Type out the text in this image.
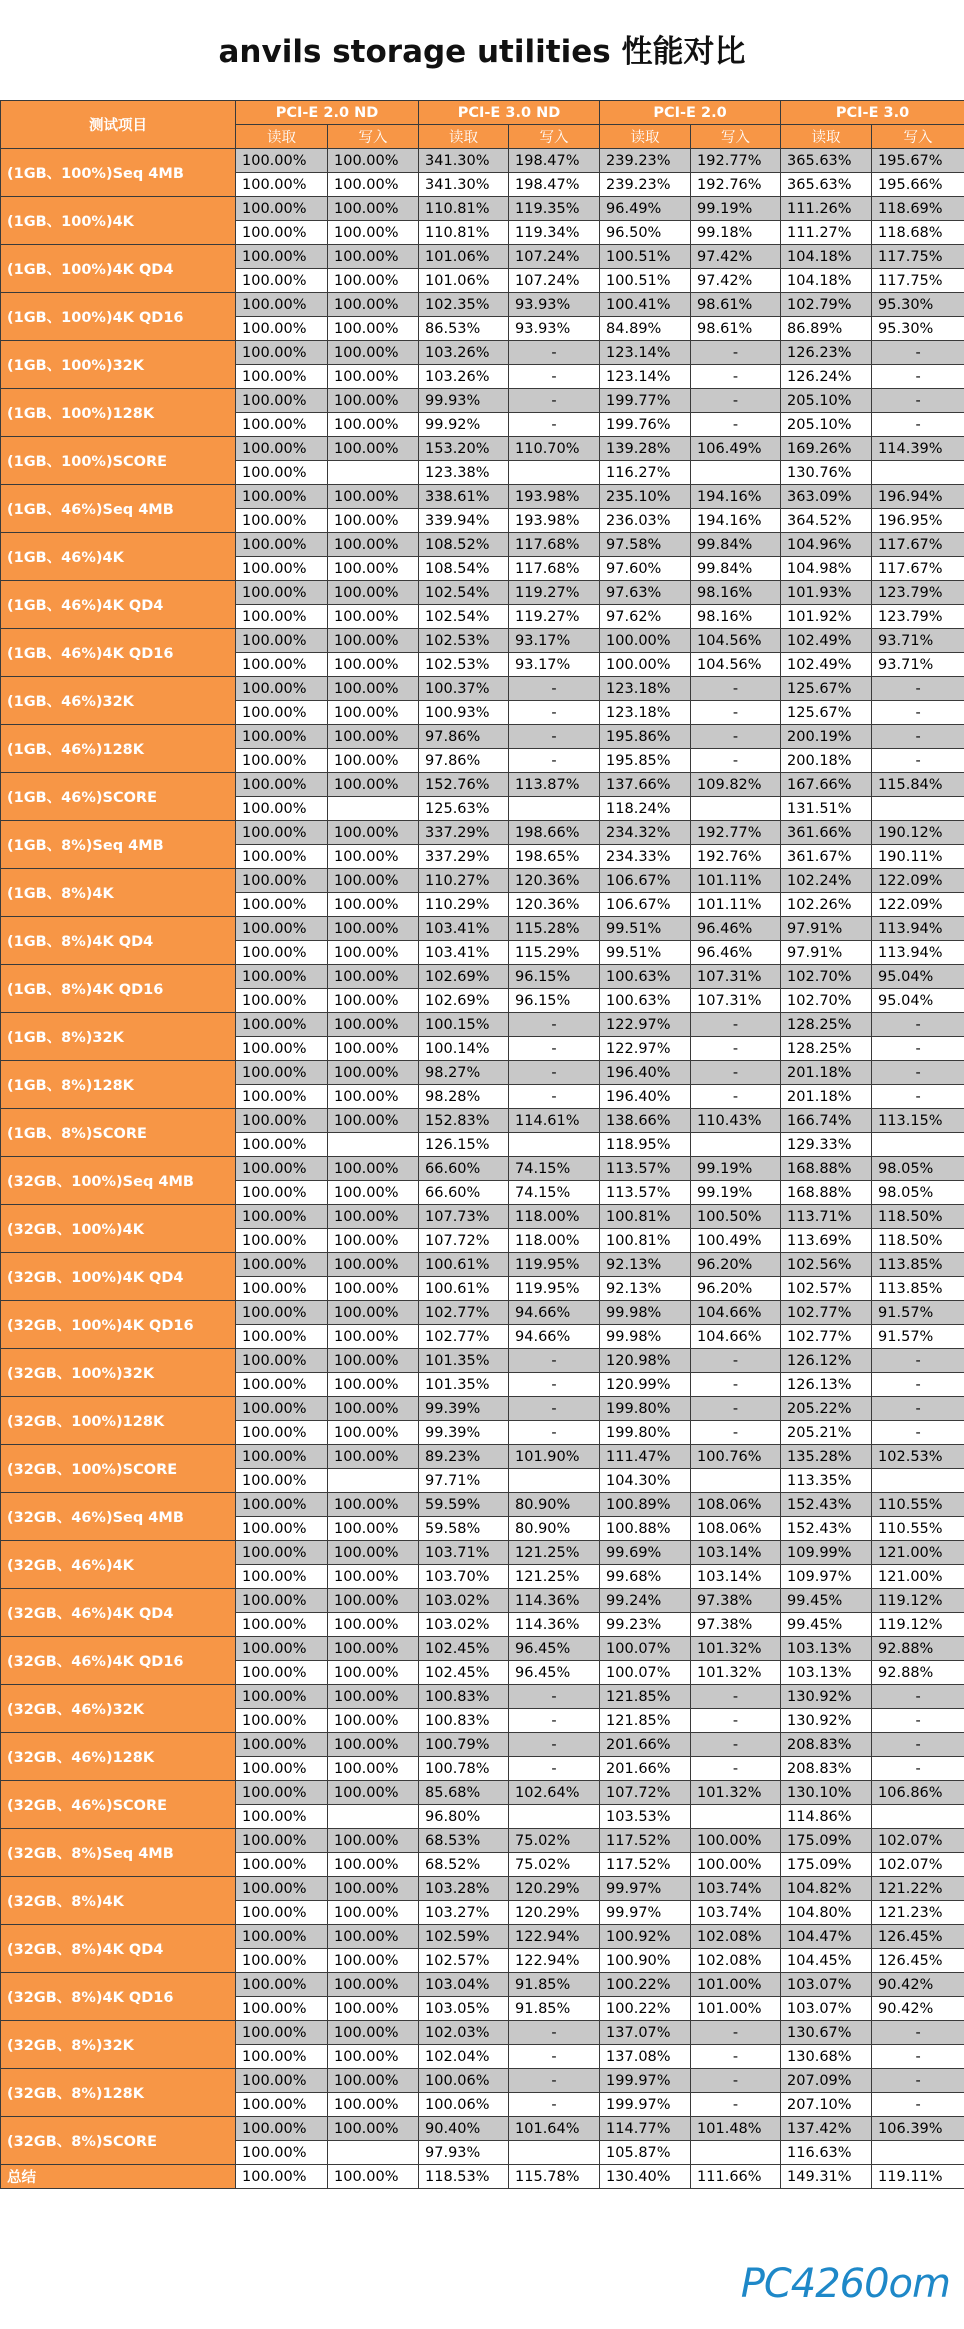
anvils storage utilities 性能对比
测试项目	PCI-E 2.0 ND		PCI-E 3.0 ND		PCI-E 2.0		PCI-E 3.0	
	读取	写入	读取	写入	读取	写入	读取	写入
(1GB、100%)Seq 4MB	100.00%	100.00%	341.30%	198.47%	239.23%	192.77%	365.63%	195.67%
	100.00%	100.00%	341.30%	198.47%	239.23%	192.76%	365.63%	195.66%
(1GB、100%)4K	100.00%	100.00%	110.81%	119.35%	96.49%	99.19%	111.26%	118.69%
	100.00%	100.00%	110.81%	119.34%	96.50%	99.18%	111.27%	118.68%
(1GB、100%)4K QD4	100.00%	100.00%	101.06%	107.24%	100.51%	97.42%	104.18%	117.75%
	100.00%	100.00%	101.06%	107.24%	100.51%	97.42%	104.18%	117.75%
(1GB、100%)4K QD16	100.00%	100.00%	102.35%	93.93%	100.41%	98.61%	102.79%	95.30%
	100.00%	100.00%	86.53%	93.93%	84.89%	98.61%	86.89%	95.30%
(1GB、100%)32K	100.00%	100.00%	103.26%	-	123.14%	-	126.23%	-
	100.00%	100.00%	103.26%	-	123.14%	-	126.24%	-
(1GB、100%)128K	100.00%	100.00%	99.93%	-	199.77%	-	205.10%	-
	100.00%	100.00%	99.92%	-	199.76%	-	205.10%	-
(1GB、100%)SCORE	100.00%	100.00%	153.20%	110.70%	139.28%	106.49%	169.26%	114.39%
	100.00%		123.38%		116.27%		130.76%	
(1GB、46%)Seq 4MB	100.00%	100.00%	338.61%	193.98%	235.10%	194.16%	363.09%	196.94%
	100.00%	100.00%	339.94%	193.98%	236.03%	194.16%	364.52%	196.95%
(1GB、46%)4K	100.00%	100.00%	108.52%	117.68%	97.58%	99.84%	104.96%	117.67%
	100.00%	100.00%	108.54%	117.68%	97.60%	99.84%	104.98%	117.67%
(1GB、46%)4K QD4	100.00%	100.00%	102.54%	119.27%	97.63%	98.16%	101.93%	123.79%
	100.00%	100.00%	102.54%	119.27%	97.62%	98.16%	101.92%	123.79%
(1GB、46%)4K QD16	100.00%	100.00%	102.53%	93.17%	100.00%	104.56%	102.49%	93.71%
	100.00%	100.00%	102.53%	93.17%	100.00%	104.56%	102.49%	93.71%
(1GB、46%)32K	100.00%	100.00%	100.37%	-	123.18%	-	125.67%	-
	100.00%	100.00%	100.93%	-	123.18%	-	125.67%	-
(1GB、46%)128K	100.00%	100.00%	97.86%	-	195.86%	-	200.19%	-
	100.00%	100.00%	97.86%	-	195.85%	-	200.18%	-
(1GB、46%)SCORE	100.00%	100.00%	152.76%	113.87%	137.66%	109.82%	167.66%	115.84%
	100.00%		125.63%		118.24%		131.51%	
(1GB、8%)Seq 4MB	100.00%	100.00%	337.29%	198.66%	234.32%	192.77%	361.66%	190.12%
	100.00%	100.00%	337.29%	198.65%	234.33%	192.76%	361.67%	190.11%
(1GB、8%)4K	100.00%	100.00%	110.27%	120.36%	106.67%	101.11%	102.24%	122.09%
	100.00%	100.00%	110.29%	120.36%	106.67%	101.11%	102.26%	122.09%
(1GB、8%)4K QD4	100.00%	100.00%	103.41%	115.28%	99.51%	96.46%	97.91%	113.94%
	100.00%	100.00%	103.41%	115.29%	99.51%	96.46%	97.91%	113.94%
(1GB、8%)4K QD16	100.00%	100.00%	102.69%	96.15%	100.63%	107.31%	102.70%	95.04%
	100.00%	100.00%	102.69%	96.15%	100.63%	107.31%	102.70%	95.04%
(1GB、8%)32K	100.00%	100.00%	100.15%	-	122.97%	-	128.25%	-
	100.00%	100.00%	100.14%	-	122.97%	-	128.25%	-
(1GB、8%)128K	100.00%	100.00%	98.27%	-	196.40%	-	201.18%	-
	100.00%	100.00%	98.28%	-	196.40%	-	201.18%	-
(1GB、8%)SCORE	100.00%	100.00%	152.83%	114.61%	138.66%	110.43%	166.74%	113.15%
	100.00%		126.15%		118.95%		129.33%	
(32GB、100%)Seq 4MB	100.00%	100.00%	66.60%	74.15%	113.57%	99.19%	168.88%	98.05%
	100.00%	100.00%	66.60%	74.15%	113.57%	99.19%	168.88%	98.05%
(32GB、100%)4K	100.00%	100.00%	107.73%	118.00%	100.81%	100.50%	113.71%	118.50%
	100.00%	100.00%	107.72%	118.00%	100.81%	100.49%	113.69%	118.50%
(32GB、100%)4K QD4	100.00%	100.00%	100.61%	119.95%	92.13%	96.20%	102.56%	113.85%
	100.00%	100.00%	100.61%	119.95%	92.13%	96.20%	102.57%	113.85%
(32GB、100%)4K QD16	100.00%	100.00%	102.77%	94.66%	99.98%	104.66%	102.77%	91.57%
	100.00%	100.00%	102.77%	94.66%	99.98%	104.66%	102.77%	91.57%
(32GB、100%)32K	100.00%	100.00%	101.35%	-	120.98%	-	126.12%	-
	100.00%	100.00%	101.35%	-	120.99%	-	126.13%	-
(32GB、100%)128K	100.00%	100.00%	99.39%	-	199.80%	-	205.22%	-
	100.00%	100.00%	99.39%	-	199.80%	-	205.21%	-
(32GB、100%)SCORE	100.00%	100.00%	89.23%	101.90%	111.47%	100.76%	135.28%	102.53%
	100.00%		97.71%		104.30%		113.35%	
(32GB、46%)Seq 4MB	100.00%	100.00%	59.59%	80.90%	100.89%	108.06%	152.43%	110.55%
	100.00%	100.00%	59.58%	80.90%	100.88%	108.06%	152.43%	110.55%
(32GB、46%)4K	100.00%	100.00%	103.71%	121.25%	99.69%	103.14%	109.99%	121.00%
	100.00%	100.00%	103.70%	121.25%	99.68%	103.14%	109.97%	121.00%
(32GB、46%)4K QD4	100.00%	100.00%	103.02%	114.36%	99.24%	97.38%	99.45%	119.12%
	100.00%	100.00%	103.02%	114.36%	99.23%	97.38%	99.45%	119.12%
(32GB、46%)4K QD16	100.00%	100.00%	102.45%	96.45%	100.07%	101.32%	103.13%	92.88%
	100.00%	100.00%	102.45%	96.45%	100.07%	101.32%	103.13%	92.88%
(32GB、46%)32K	100.00%	100.00%	100.83%	-	121.85%	-	130.92%	-
	100.00%	100.00%	100.83%	-	121.85%	-	130.92%	-
(32GB、46%)128K	100.00%	100.00%	100.79%	-	201.66%	-	208.83%	-
	100.00%	100.00%	100.78%	-	201.66%	-	208.83%	-
(32GB、46%)SCORE	100.00%	100.00%	85.68%	102.64%	107.72%	101.32%	130.10%	106.86%
	100.00%		96.80%		103.53%		114.86%	
(32GB、8%)Seq 4MB	100.00%	100.00%	68.53%	75.02%	117.52%	100.00%	175.09%	102.07%
	100.00%	100.00%	68.52%	75.02%	117.52%	100.00%	175.09%	102.07%
(32GB、8%)4K	100.00%	100.00%	103.28%	120.29%	99.97%	103.74%	104.82%	121.22%
	100.00%	100.00%	103.27%	120.29%	99.97%	103.74%	104.80%	121.23%
(32GB、8%)4K QD4	100.00%	100.00%	102.59%	122.94%	100.92%	102.08%	104.47%	126.45%
	100.00%	100.00%	102.57%	122.94%	100.90%	102.08%	104.45%	126.45%
(32GB、8%)4K QD16	100.00%	100.00%	103.04%	91.85%	100.22%	101.00%	103.07%	90.42%
	100.00%	100.00%	103.05%	91.85%	100.22%	101.00%	103.07%	90.42%
(32GB、8%)32K	100.00%	100.00%	102.03%	-	137.07%	-	130.67%	-
	100.00%	100.00%	102.04%	-	137.08%	-	130.68%	-
(32GB、8%)128K	100.00%	100.00%	100.06%	-	199.97%	-	207.09%	-
	100.00%	100.00%	100.06%	-	199.97%	-	207.10%	-
(32GB、8%)SCORE	100.00%	100.00%	90.40%	101.64%	114.77%	101.48%	137.42%	106.39%
	100.00%		97.93%		105.87%		116.63%	
总结	100.00%	100.00%	118.53%	115.78%	130.40%	111.66%	149.31%	119.11%
PC4260om
